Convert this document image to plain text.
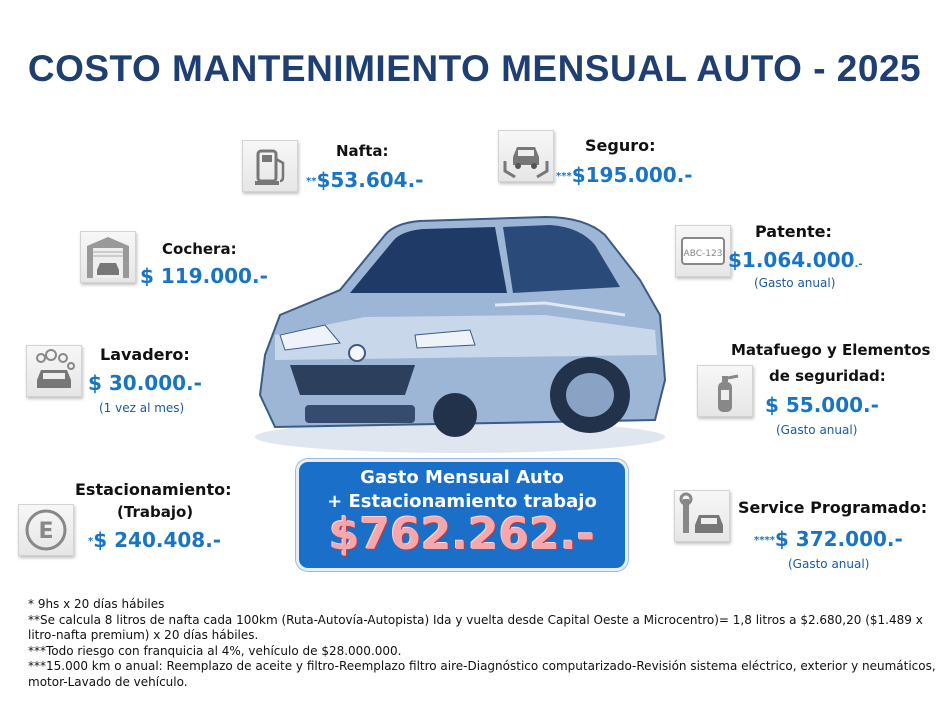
COSTO MANTENIMIENTO MENSUAL AUTO - 2025
Nafta:
**$53.604.-
Seguro:
***$195.000.-
Cochera:
$ 119.000.-
ABC-123
Patente:
$1.064.000.-
(Gasto anual)
Lavadero:
$ 30.000.-
(1 vez al mes)
Matafuego y Elementos
de seguridad:
$ 55.000.-
(Gasto anual)
E
Estacionamiento:
(Trabajo)
*$ 240.408.-
Service Programado:
****$ 372.000.-
(Gasto anual)
Gasto Mensual Auto
+ Estacionamiento trabajo
$762.262.-
* 9hs x 20 días hábiles
**Se calcula 8 litros de nafta cada 100km (Ruta-Autovía-Autopista) Ida y vuelta desde Capital Oeste a Microcentro)= 1,8 litros a $2.680,20 ($1.489 x litro-nafta premium) x 20 días hábiles.
***Todo riesgo con franquicia al 4%, vehículo de $28.000.000.
***15.000 km o anual: Reemplazo de aceite y filtro-Reemplazo filtro aire-Diagnóstico computarizado-Revisión sistema eléctrico, exterior y neumáticos, motor-Lavado de vehículo.
